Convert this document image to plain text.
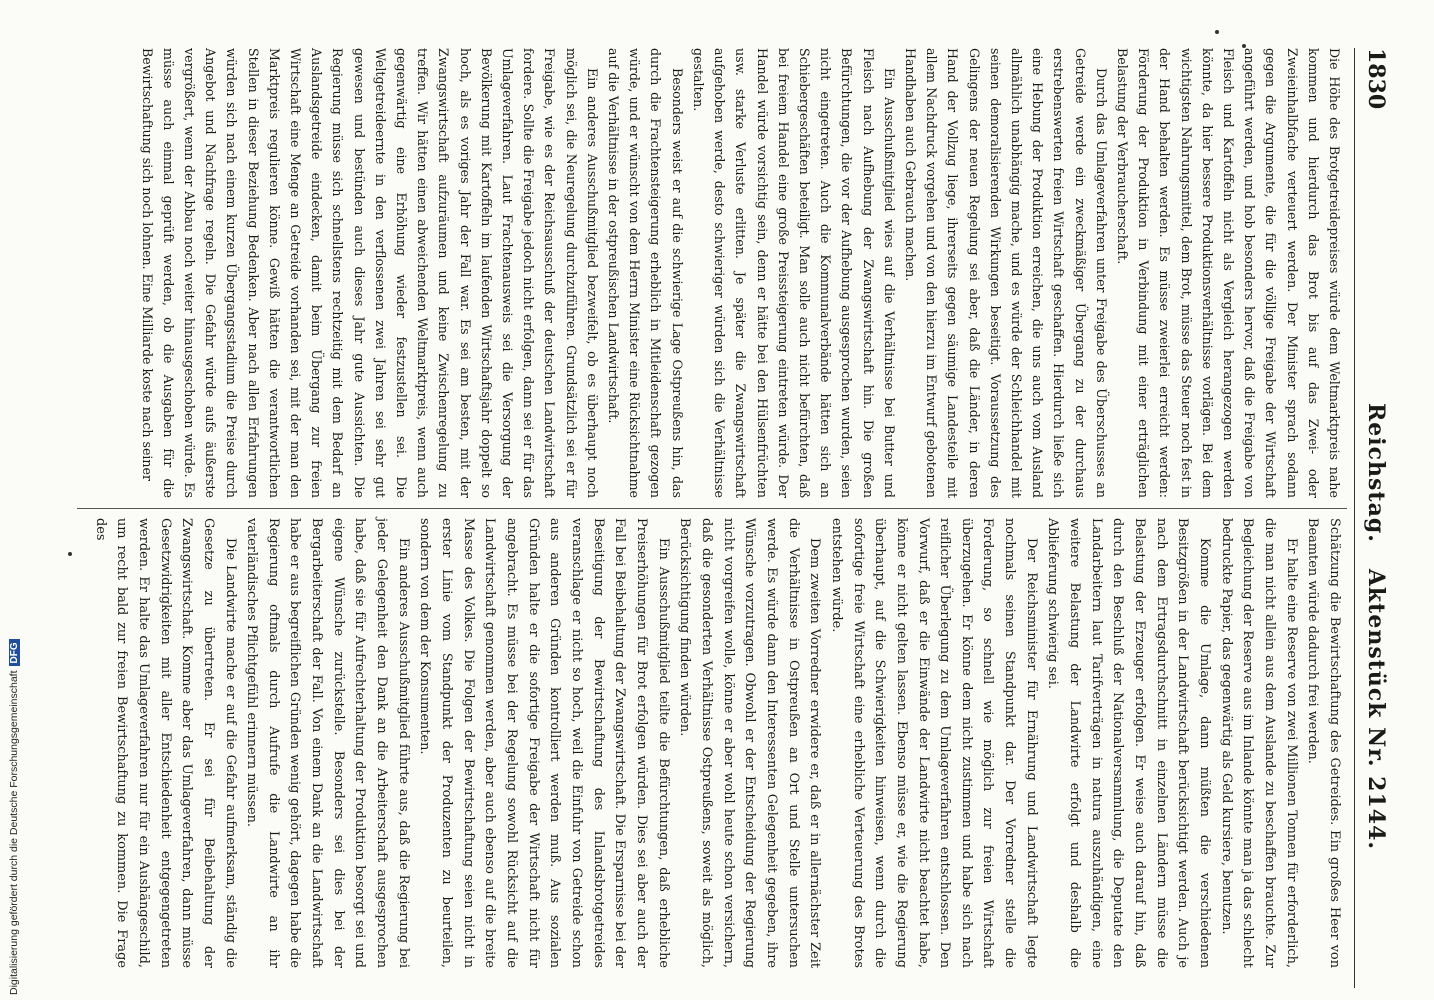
Digitalisierung gefördert durch die Deutsche ForschungsgemeinschaftDFG
1830
Reichstag.   Aktenstück Nr. 2144.

Die Höhe des Brotgetreidepreises würde dem Weltmarktpreis nahe kommen und hierdurch das Brot bis auf das Zwei- oder Zweieinhalbfache verteuert werden. Der Minister sprach sodann gegen die Argumente, die für die völlige Freigabe der Wirtschaft angeführt werden, und hob besonders hervor, daß die Freigabe von Fleisch und Kartoffeln nicht als Vergleich herangezogen werden könnte, da hier bessere Produktionsverhältnisse vorlägen. Bei dem wichtigsten Nahrungsmittel, dem Brot, müsse das Steuer noch fest in der Hand behalten werden. Es müsse zweierlei erreicht werden: Förderung der Produktion in Verbindung mit einer erträglichen Belastung der Verbraucherschaft.

Durch das Umlageverfahren unter Freigabe des Überschusses an Getreide werde ein zweckmäßiger Übergang zu der durchaus erstrebenswerten freien Wirtschaft geschaffen. Hierdurch ließe sich eine Hebung der Produktion erreichen, die uns auch vom Ausland allmählich unabhängig mache, und es würde der Schleichhandel mit seinen demoralisierenden Wirkungen beseitigt. Voraussetzung des Gelingens der neuen Regelung sei aber, daß die Länder, in deren Hand der Vollzug liege, ihrerseits gegen säumige Landesteile mit allem Nachdruck vorgehen und von den hierzu im Entwurf gebotenen Handhaben auch Gebrauch machen.

Ein Ausschußmitglied wies auf die Verhältnisse bei Butter und Fleisch nach Aufhebung der Zwangswirtschaft hin. Die großen Befürchtungen, die vor der Aufhebung ausgesprochen wurden, seien nicht eingetreten. Auch die Kommunalverbände hätten sich an Schiebergeschäften beteiligt. Man solle auch nicht befürchten, daß bei freiem Handel eine große Preissteigerung eintreten würde. Der Handel würde vorsichtig sein, denn er hätte bei den Hülsenfrüchten usw. starke Verluste erlitten. Je später die Zwangswirtschaft aufgehoben werde, desto schwieriger würden sich die Verhältnisse gestalten.

Besonders weist er auf die schwierige Lage Ostpreußens hin, das durch die Frachtensteigerung erheblich in Mitleidenschaft gezogen würde, und er wünscht von dem Herrn Minister eine Rücksichtnahme auf die Verhältnisse in der ostpreußischen Landwirtschaft.

Ein anderes Ausschußmitglied bezweifelt, ob es überhaupt noch möglich sei, die Neuregelung durchzuführen. Grundsätzlich sei er für Freigabe, wie es der Reichsausschuß der deutschen Landwirtschaft fordere. Sollte die Freigabe jedoch nicht erfolgen, dann sei er für das Umlageverfahren. Laut Frachtenausweis sei die Versorgung der Bevölkerung mit Kartoffeln im laufenden Wirtschaftsjahr doppelt so hoch, als es voriges Jahr der Fall war. Es sei am besten, mit der Zwangswirtschaft aufzuräumen und keine Zwischenregelung zu treffen. Wir hätten einen abweichenden Weltmarktpreis, wenn auch gegenwärtig eine Erhöhung wieder festzustellen sei. Die Weltgetreideernte in den verflossenen zwei Jahren sei sehr gut gewesen und bestünden auch dieses Jahr gute Aussichten. Die Regierung müsse sich schnellstens rechtzeitig mit dem Bedarf an Auslandsgetreide eindecken, damit beim Übergang zur freien Wirtschaft eine Menge an Getreide vorhanden sei, mit der man den Marktpreis regulieren könne. Gewiß hätten die verantwortlichen Stellen in dieser Beziehung Bedenken. Aber nach allen Erfahrungen würden sich nach einem kurzen Übergangsstadium die Preise durch Angebot und Nachfrage regeln. Die Gefahr würde aufs äußerste vergrößert, wenn der Abbau noch weiter hinausgeschoben würde. Es müsse auch einmal geprüft werden, ob die Ausgaben für die Bewirtschaftung sich noch lohnen. Eine Milliarde koste nach seiner

Schätzung die Bewirtschaftung des Getreides. Ein großes Heer von Beamten würde dadurch frei werden.

Er halte eine Reserve von zwei Millionen Tonnen für erforderlich, die man nicht allein aus dem Auslande zu beschaffen brauchte. Zur Begleichung der Reserve aus im Inlande könnte man ja das schlecht bedruckte Papier, das gegenwärtig als Geld kursiere, benutzen.

Komme die Umlage, dann müßten die verschiedenen Besitzgrößen in der Landwirtschaft berücksichtigt werden. Auch je nach dem Ertragsdurchschnitt in einzelnen Ländern müsse die Belastung der Erzeuger erfolgen. Er weise auch darauf hin, daß durch den Beschluß der Nationalversammlung, die Deputate den Landarbeitern laut Tarifverträgen in natura auszuhändigen, eine weitere Belastung der Landwirte erfolgt und deshalb die Ablieferung schwierig sei.

Der Reichsminister für Ernährung und Landwirtschaft legte nochmals seinen Standpunkt dar. Der Vorredner stelle die Forderung, so schnell wie möglich zur freien Wirtschaft überzugehen. Er könne dem nicht zustimmen und habe sich nach reiflicher Überlegung zu dem Umlageverfahren entschlossen. Den Vorwurf, daß er die Einwände der Landwirte nicht beachtet habe, könne er nicht gelten lassen. Ebenso müsse er, wie die Regierung überhaupt, auf die Schwierigkeiten hinweisen, wenn durch die sofortige freie Wirtschaft eine erhebliche Verteuerung des Brotes entstehen würde.

Dem zweiten Vorredner erwidere er, daß er in allernächster Zeit die Verhältnisse in Ostpreußen an Ort und Stelle untersuchen werde. Es würde dann den Interessenten Gelegenheit gegeben, ihre Wünsche vorzutragen. Obwohl er der Entscheidung der Regierung nicht vorgreifen wolle, könne er aber wohl heute schon versichern, daß die gesonderten Verhältnisse Ostpreußens, soweit als möglich, Berücksichtigung finden würden.

Ein Ausschußmitglied teilte die Befürchtungen, daß erhebliche Preiserhöhungen für Brot erfolgen würden. Dies sei aber auch der Fall bei Beibehaltung der Zwangswirtschaft. Die Ersparnisse bei der Beseitigung der Bewirtschaftung des Inlandsbrotgetreides veranschlage er nicht so hoch, weil die Einfuhr von Getreide schon aus anderen Gründen kontrolliert werden muß. Aus sozialen Gründen halte er die sofortige Freigabe der Wirtschaft nicht für angebracht. Es müsse bei der Regelung sowohl Rücksicht auf die Landwirtschaft genommen werden, aber auch ebenso auf die breite Masse des Volkes. Die Folgen der Bewirtschaftung seien nicht in erster Linie vom Standpunkt der Produzenten zu beurteilen, sondern von dem der Konsumenten.

Ein anderes Ausschußmitglied führte aus, daß die Regierung bei jeder Gelegenheit den Dank an die Arbeiterschaft ausgesprochen habe, daß sie für Aufrechterhaltung der Produktion besorgt sei und eigene Wünsche zurückstelle. Besonders sei dies bei der Bergarbeiterschaft der Fall. Von einem Dank an die Landwirtschaft habe er aus begreiflichen Gründen wenig gehört, dagegen habe die Regierung oftmals durch Aufrufe die Landwirte an ihr vaterländisches Pflichtgefühl erinnern müssen.

Die Landwirte mache er auf die Gefahr aufmerksam, ständig die Gesetze zu übertreten. Er sei für Beibehaltung der Zwangswirtschaft. Komme aber das Umlageverfahren, dann müsse Gesetzwidrigkeiten mit aller Entschiedenheit entgegengetreten werden. Er halte das Umlageverfahren nur für ein Aushängeschild, um recht bald zur freien Bewirtschaftung zu kommen. Die Frage des
